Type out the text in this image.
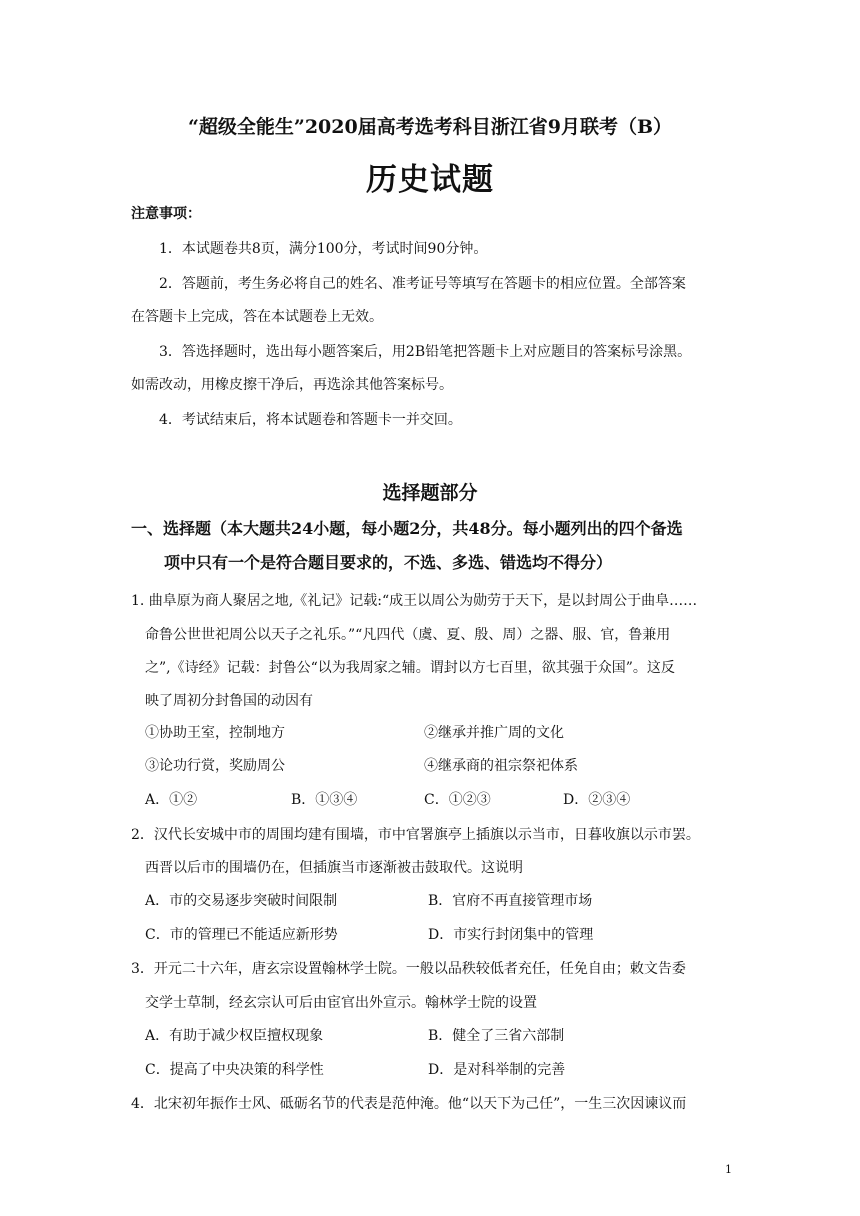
“超级全能生”2020届高考选考科目浙江省9月联考（B）
历史试题
注意事项：
1．本试题卷共8页，满分100分，考试时间90分钟。
2．答题前，考生务必将自己的姓名、准考证号等填写在答题卡的相应位置。全部答案
在答题卡上完成，答在本试题卷上无效。
3．答选择题时，选出每小题答案后，用2B铅笔把答题卡上对应题目的答案标号涂黑。
如需改动，用橡皮擦干净后，再选涂其他答案标号。
4．考试结束后，将本试题卷和答题卡一并交回。
选择题部分
一、选择题（本大题共24小题，每小题2分，共48分。每小题列出的四个备选
项中只有一个是符合题目要求的，不选、多选、错选均不得分）
1. 曲阜原为商人聚居之地,《礼记》记载:“成王以周公为勋劳于天下，是以封周公于曲阜……
命鲁公世世祀周公以天子之礼乐。”“凡四代（虞、夏、殷、周）之器、服、官，鲁兼用
之”,《诗经》记载：封鲁公“以为我周家之辅。谓封以方七百里，欲其强于众国”。这反
映了周初分封鲁国的动因有
①协助王室，控制地方	②继承并推广周的文化
③论功行赏，奖励周公	④继承商的祖宗祭祀体系
A．①②	B．①③④	C．①②③	D．②③④
2．汉代长安城中市的周围均建有围墙，市中官署旗亭上插旗以示当市，日暮收旗以示市罢。
西晋以后市的围墙仍在，但插旗当市逐渐被击鼓取代。这说明
A．市的交易逐步突破时间限制	B．官府不再直接管理市场
C．市的管理已不能适应新形势	D．市实行封闭集中的管理
3．开元二十六年，唐玄宗设置翰林学士院。一般以品秩较低者充任，任免自由；敕文告委
交学士草制，经玄宗认可后由宦官出外宣示。翰林学士院的设置
A．有助于减少权臣擅权现象	B．健全了三省六部制
C．提高了中央决策的科学性	D．是对科举制的完善
4．北宋初年振作士风、砥砺名节的代表是范仲淹。他“以天下为己任”，一生三次因谏议而
1
